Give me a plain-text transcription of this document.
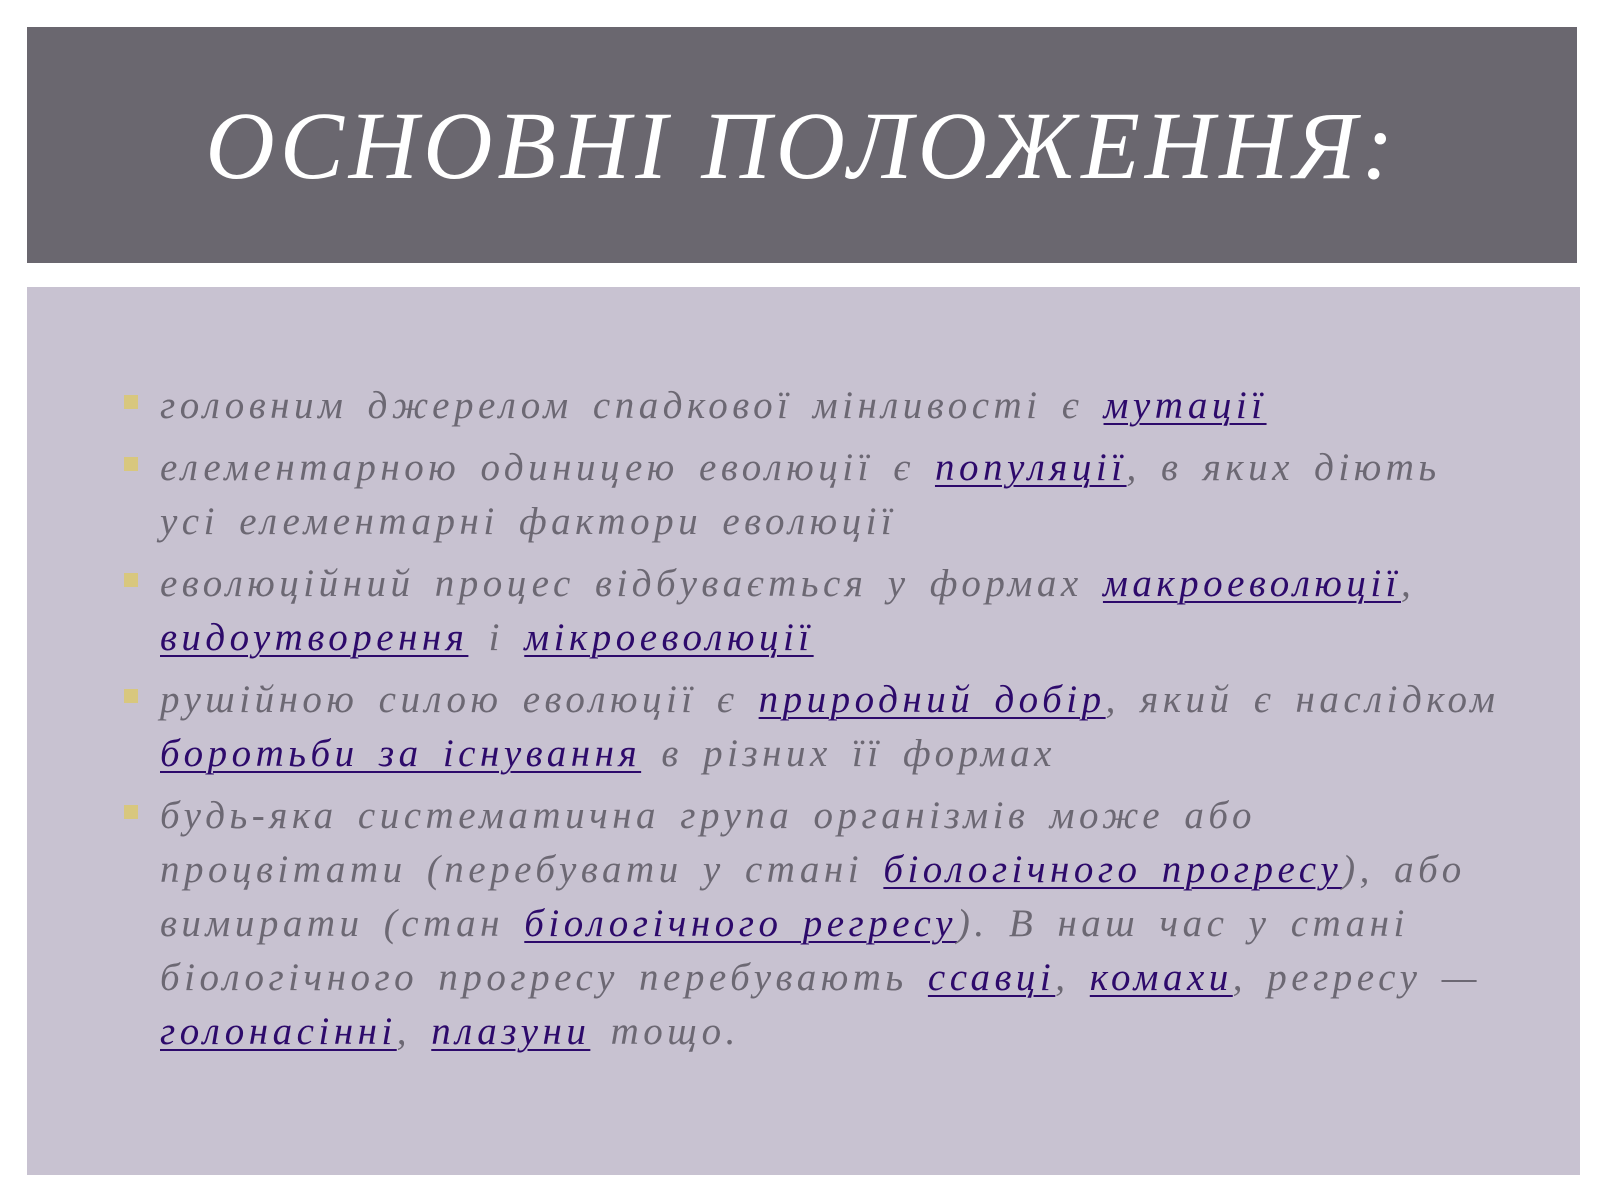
ОСНОВНІ ПОЛОЖЕННЯ:
головним джерелом спадкової мінливості є мутації
елементарною одиницею еволюції є популяції, в яких діють усі елементарні фактори еволюції
еволюційний процес відбувається у формах макроеволюції, видоутворення і мікроеволюції
рушійною силою еволюції є природний добір, який є наслідком боротьби за існування в різних її формах
будь-яка систематична група організмів може або процвітати (перебувати у стані біологічного прогресу), або вимирати (стан біологічного регресу). В наш час у стані біологічного прогресу перебувають ссавці, комахи, регресу — голонасінні, плазуни тощо.
